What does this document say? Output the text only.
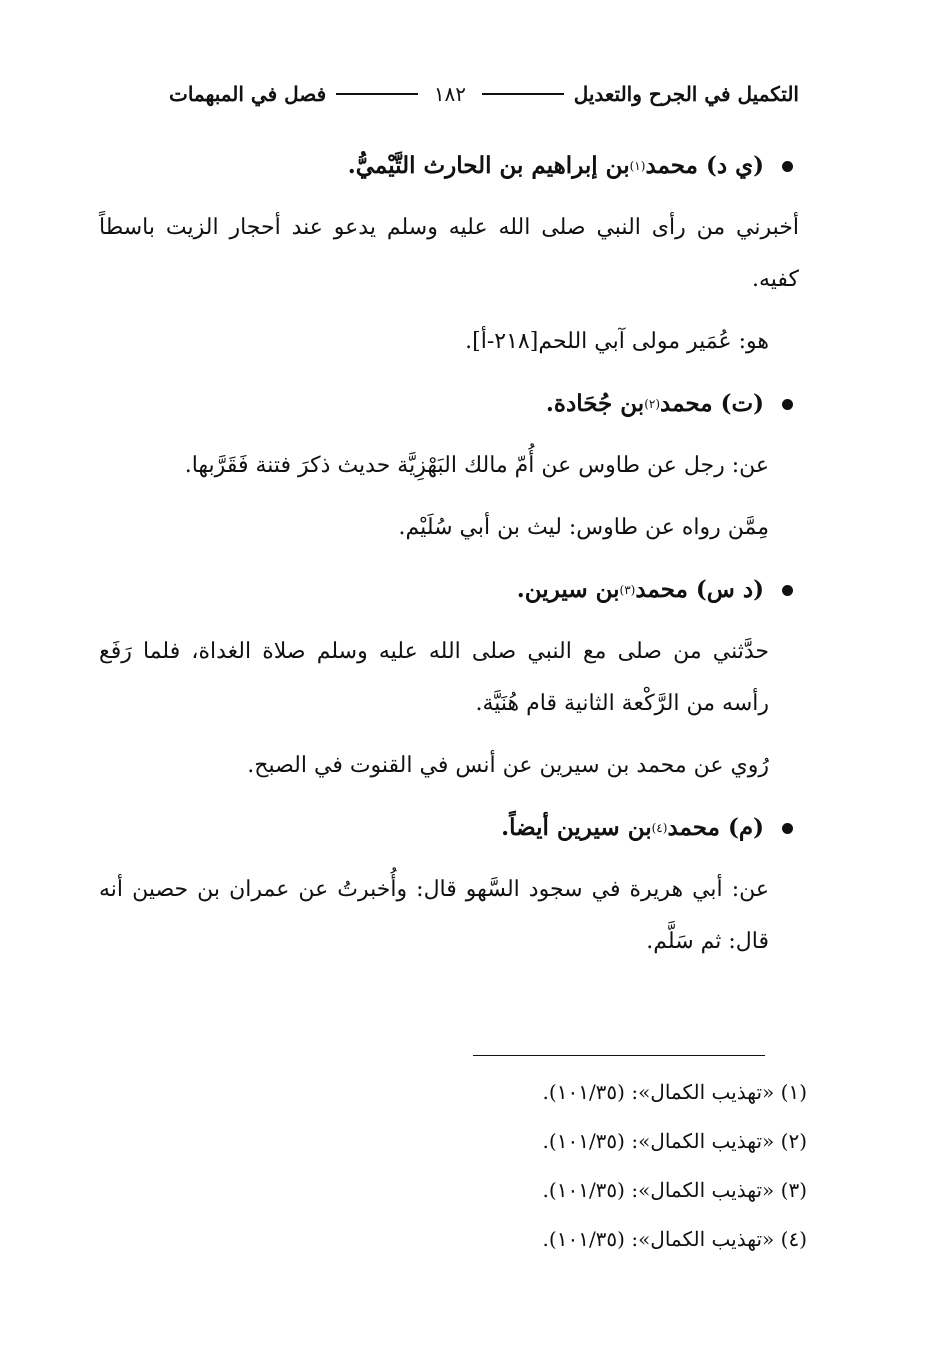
التكميل في الجرح والتعديل
١٨٢
فصل في المبهمات
(ي د) محمد
(١)
بن إبراهيم بن الحارث التَّيْميُّ.

أخبرني من رأى النبي صلى الله عليه وسلم يدعو عند أحجار الزيت باسطاً كفيه.

هو: عُمَير مولى آبي اللحم[٢١٨-أ].

(ت) محمد
(٢)
بن جُحَادة.

عن: رجل عن طاوس عن أُمّ مالك البَهْزِيَّة حديث ذكرَ فتنة فَقَرَّبها.

مِمَّن رواه عن طاوس: ليث بن أبي سُلَيْم.

(د س) محمد
(٣)
بن سيرين.

حدَّثني من صلى مع النبي صلى الله عليه وسلم صلاة الغداة، فلما رَفَع رأسه من الرَّكْعة الثانية قام هُنَيَّة.

رُوي عن محمد بن سيرين عن أنس في القنوت في الصبح.

(م) محمد
(٤)
بن سيرين أيضاً.

عن: أبي هريرة في سجود السَّهو قال: وأُخبرتُ عن عمران بن حصين أنه قال: ثم سَلَّم.

(١) «تهذيب الكمال»: (١٠١/٣٥).
(٢) «تهذيب الكمال»: (١٠١/٣٥).
(٣) «تهذيب الكمال»: (١٠١/٣٥).
(٤) «تهذيب الكمال»: (١٠١/٣٥).
